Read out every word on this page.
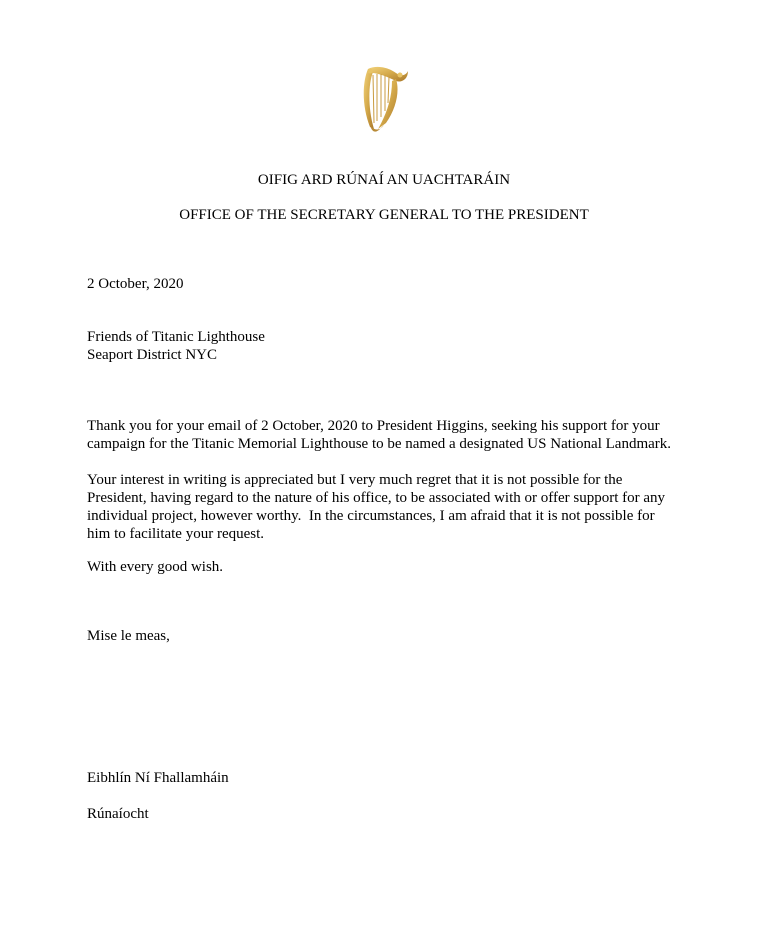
OIFIG ARD RÚNAÍ AN UACHTARÁIN
OFFICE OF THE SECRETARY GENERAL TO THE PRESIDENT
2 October, 2020
Friends of Titanic Lighthouse
Seaport District NYC
Thank you for your email of 2 October, 2020 to President Higgins, seeking his support for your
campaign for the Titanic Memorial Lighthouse to be named a designated US National Landmark.
Your interest in writing is appreciated but I very much regret that it is not possible for the
President, having regard to the nature of his office, to be associated with or offer support for any
individual project, however worthy.  In the circumstances, I am afraid that it is not possible for
him to facilitate your request.
With every good wish.
Mise le meas,
Eibhlín Ní Fhallamháin
Rúnaíocht
